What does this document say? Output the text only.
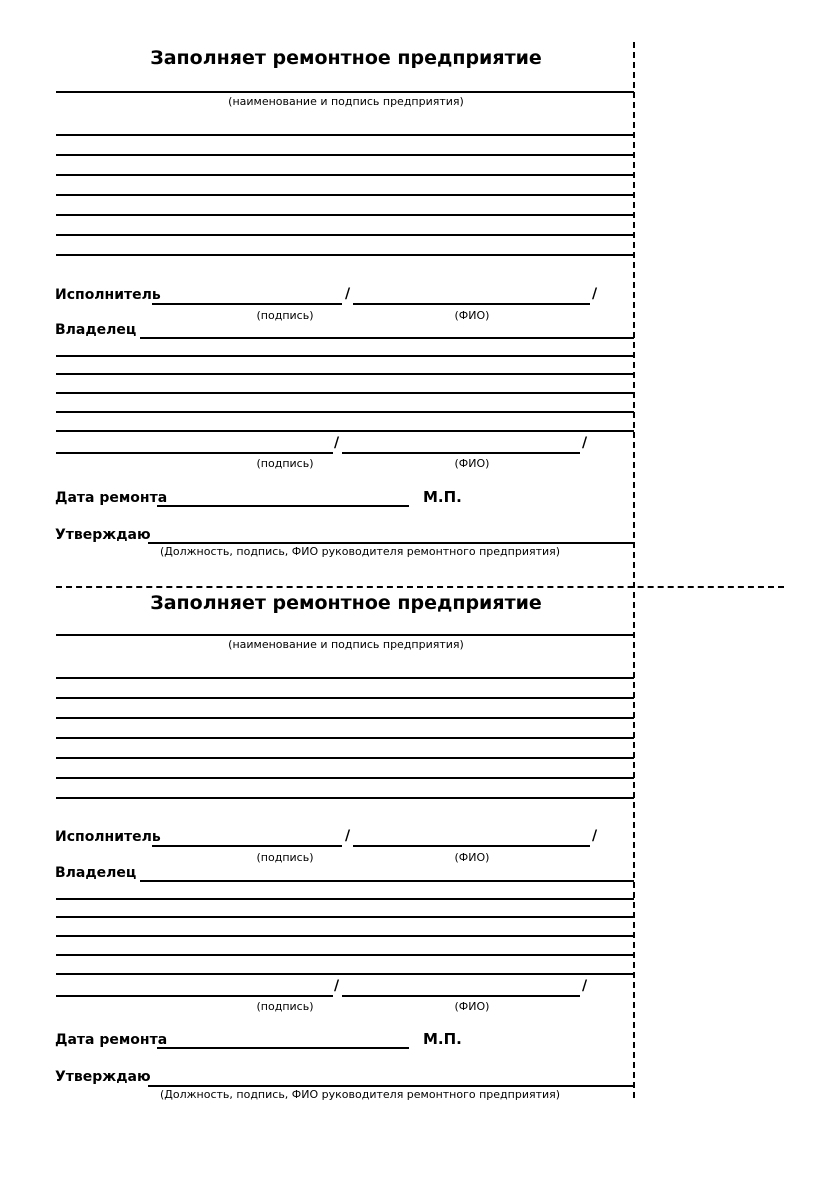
Заполняет ремонтное предприятие
(наименование и подпись предприятия)
Исполнитель	/	/
(подпись)	(ФИО)
Владелец
/	/
(подпись)	(ФИО)
Дата ремонта	М.П.
Утверждаю
(Должность, подпись, ФИО руководителя ремонтного предприятия)
Заполняет ремонтное предприятие
(наименование и подпись предприятия)
Исполнитель	/	/
(подпись)	(ФИО)
Владелец
/	/
(подпись)	(ФИО)
Дата ремонта	М.П.
Утверждаю
(Должность, подпись, ФИО руководителя ремонтного предприятия)
